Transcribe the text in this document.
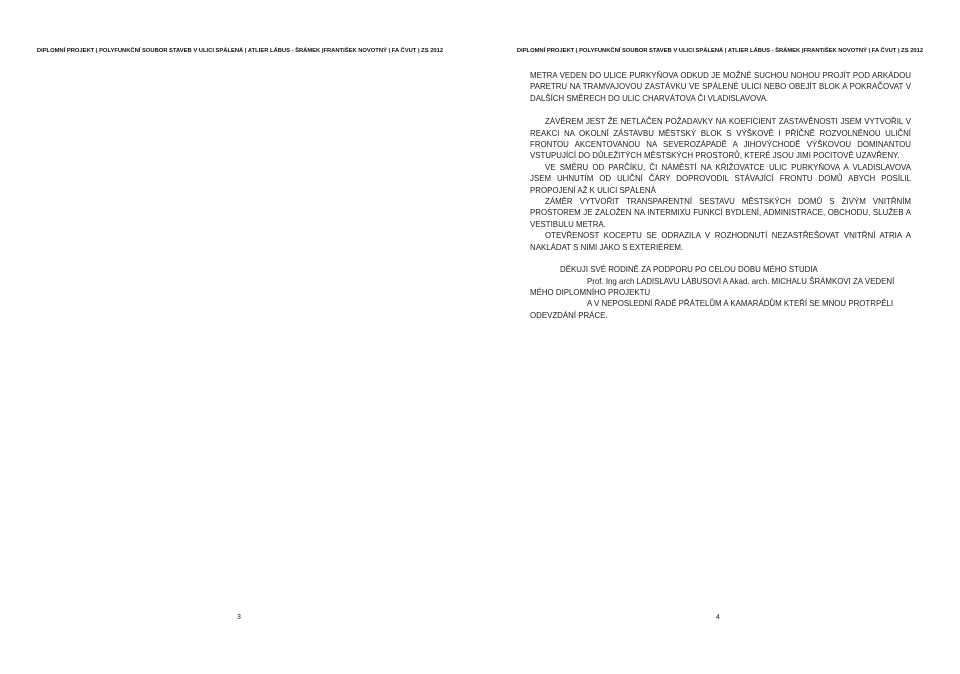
DIPLOMNÍ PROJEKT | POLYFUNKČNÍ SOUBOR STAVEB V ULICI SPÁLENÁ | ATLIER LÁBUS - ŠRÁMEK |FRANTIŠEK NOVOTNÝ | FA ČVUT | ZS 2012
3
DIPLOMNÍ PROJEKT | POLYFUNKČNÍ SOUBOR STAVEB V ULICI SPÁLENÁ | ATLIER LÁBUS - ŠRÁMEK |FRANTIŠEK NOVOTNÝ | FA ČVUT | ZS 2012

METRA VEDEN DO ULICE PURKYŇOVA ODKUD JE MOŽNÉ SUCHOU NOHOU PROJÍT POD ARKÁDOU PARETRU NA TRAMVAJOVOU ZASTÁVKU VE SPÁLENÉ ULICI NEBO OBEJÍT BLOK A POKRAČOVAT V DALŠÍCH SMĚRECH DO ULIC CHARVÁTOVA ČI VLADISLAVOVA.

ZÁVĚREM JEST ŽE NETLAČEN POŽADAVKY NA KOEFICIENT ZASTAVĚNOSTI JSEM VYTVOŘIL V REAKCI NA OKOLNÍ ZÁSTAVBU MĚSTSKÝ BLOK S VÝŠKOVĚ I PŘÍČNĚ ROZVOLNĚNOU ULIČNÍ FRONTOU AKCENTOVANOU NA SEVEROZÁPADĚ A JIHOVÝCHODĚ VÝŠKOVOU DOMINANTOU VSTUPUJÍCÍ DO DŮLEŽITÝCH MĚSTSKÝCH PROSTORŮ, KTERÉ JSOU JIMI POCITOVĚ UZAVŘENY.

VE SMĚRU OD PARČÍKU, ČI NÁMĚSTÍ NA KŘIŽOVATCE ULIC PURKYŇOVA A VLADISLAVOVA JSEM UHNUTÍM OD ULIČNÍ ČÁRY DOPROVODIL STÁVAJÍCÍ FRONTU DOMŮ ABYCH POSÍLIL PROPOJENÍ AŽ K ULICI SPÁLENÁ

ZÁMĚR VYTVOŘIT TRANSPARENTNÍ SESTAVU MĚSTSKÝCH DOMŮ S ŽIVÝM VNITŘNÍM PROSTOREM JE ZALOŽEN NA INTERMIXU FUNKCÍ BYDLENÍ, ADMINISTRACE, OBCHODU, SLUŽEB A VESTIBULU METRA.

OTEVŘENOST KOCEPTU SE ODRAZILA V ROZHODNUTÍ NEZASTŘEŠOVAT VNITŘNÍ ATRIA A NAKLÁDAT S NIMI JAKO S EXTERIÉREM.

DĚKUJI SVÉ RODINĚ ZA PODPORU PO CELOU DOBU MÉHO STUDIA

Prof. Ing arch LADISLAVU LÁBUSOVI A Akad. arch. MICHALU ŠRÁMKOVI ZA VEDENÍ MÉHO DIPLOMNÍHO PROJEKTU

A V NEPOSLEDNÍ ŘADĚ PŘÁTELŮM A KAMARÁDŮM KTEŘÍ SE MNOU PROTRPĚLI ODEVZDÁNÍ PRÁCE.

4
